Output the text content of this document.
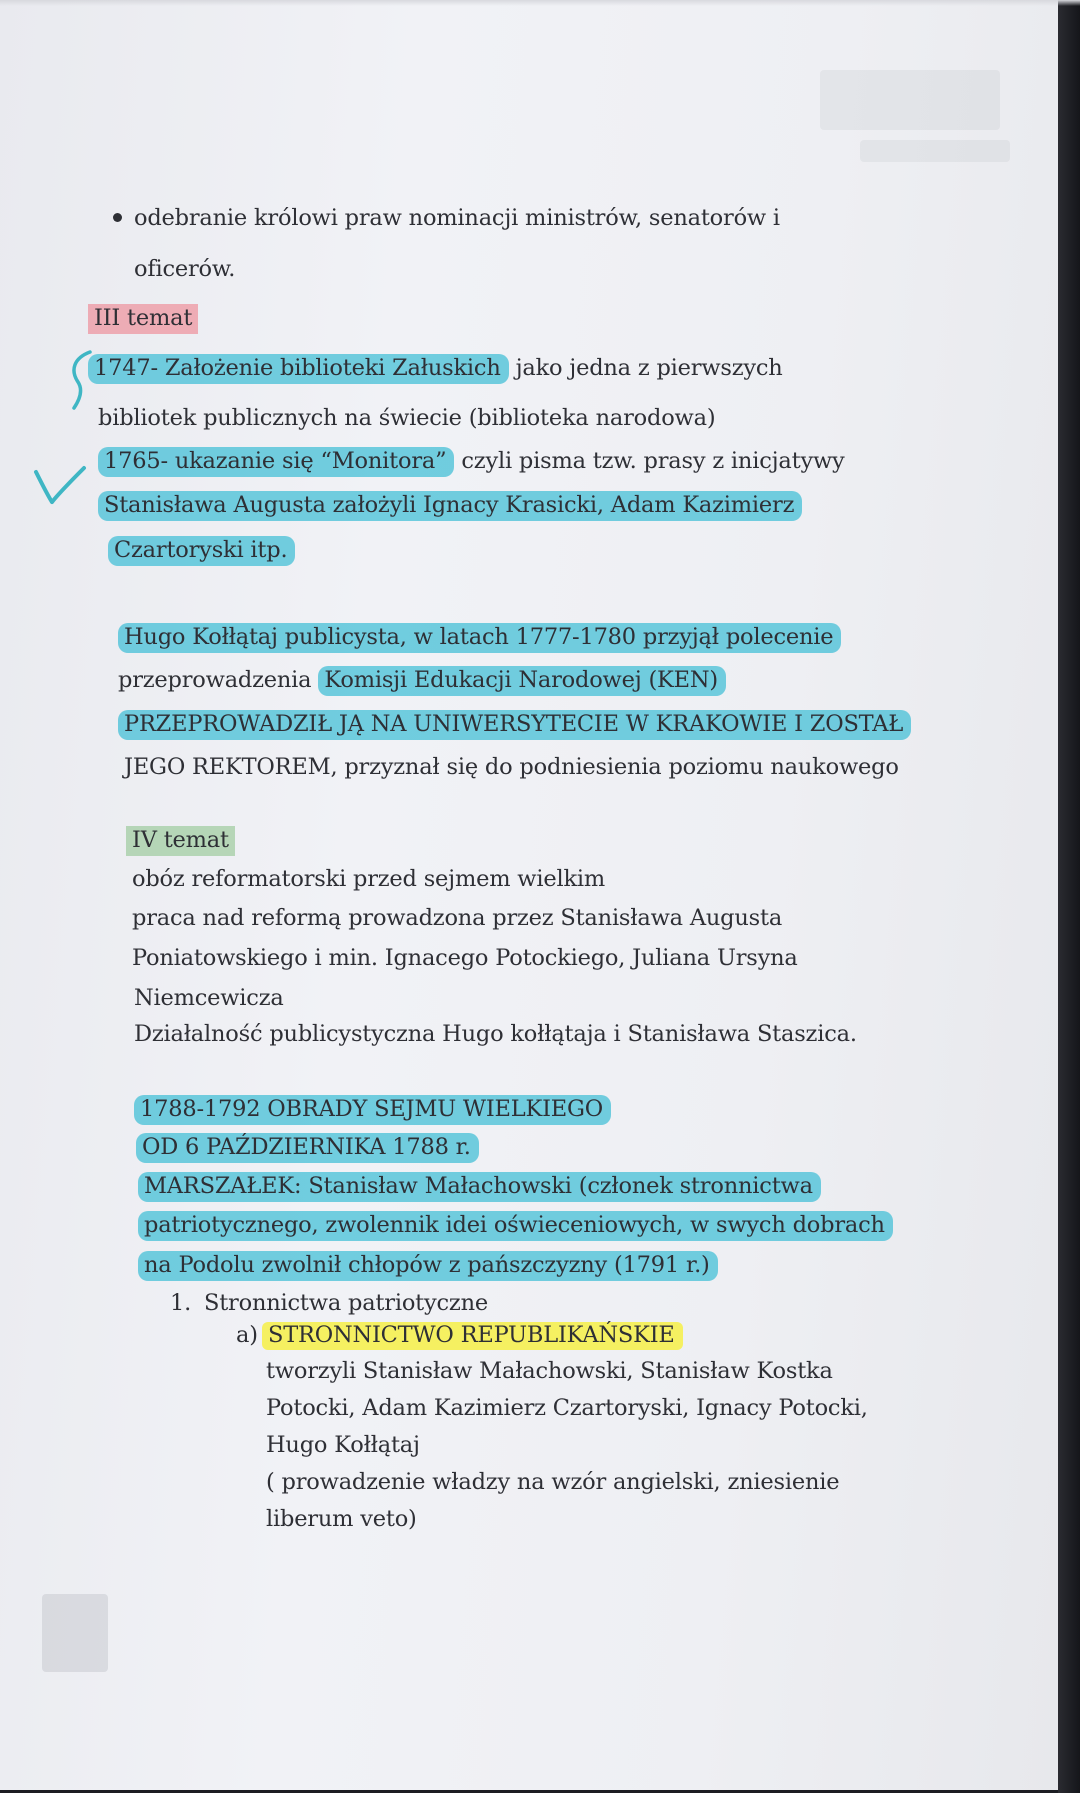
odebranie królowi praw nominacji ministrów, senatorów i
oficerów.
III temat
1747- Założenie biblioteki Załuskich jako jedna z pierwszych
bibliotek publicznych na świecie (biblioteka narodowa)
1765- ukazanie się “Monitora” czyli pisma tzw. prasy z inicjatywy
Stanisława Augusta założyli Ignacy Krasicki, Adam Kazimierz
Czartoryski itp.
Hugo Kołłątaj publicysta, w latach 1777-1780 przyjął polecenie
przeprowadzenia Komisji Edukacji Narodowej (KEN)
PRZEPROWADZIŁ JĄ NA UNIWERSYTECIE W KRAKOWIE I ZOSTAŁ
JEGO REKTOREM, przyznał się do podniesienia poziomu naukowego
IV temat
obóz reformatorski przed sejmem wielkim
praca nad reformą prowadzona przez Stanisława Augusta
Poniatowskiego i min. Ignacego Potockiego, Juliana Ursyna
Niemcewicza
Działalność publicystyczna Hugo kołłątaja i Stanisława Staszica.
1788-1792 OBRADY SEJMU WIELKIEGO
OD 6 PAŹDZIERNIKA 1788 r.
MARSZAŁEK: Stanisław Małachowski (członek stronnictwa
patriotycznego, zwolennik idei oświeceniowych, w swych dobrach
na Podolu zwolnił chłopów z pańszczyzny (1791 r.)
1. Stronnictwa patriotyczne
a) STRONNICTWO REPUBLIKAŃSKIE
tworzyli Stanisław Małachowski, Stanisław Kostka
Potocki, Adam Kazimierz Czartoryski, Ignacy Potocki,
Hugo Kołłątaj
( prowadzenie władzy na wzór angielski, zniesienie
liberum veto)
